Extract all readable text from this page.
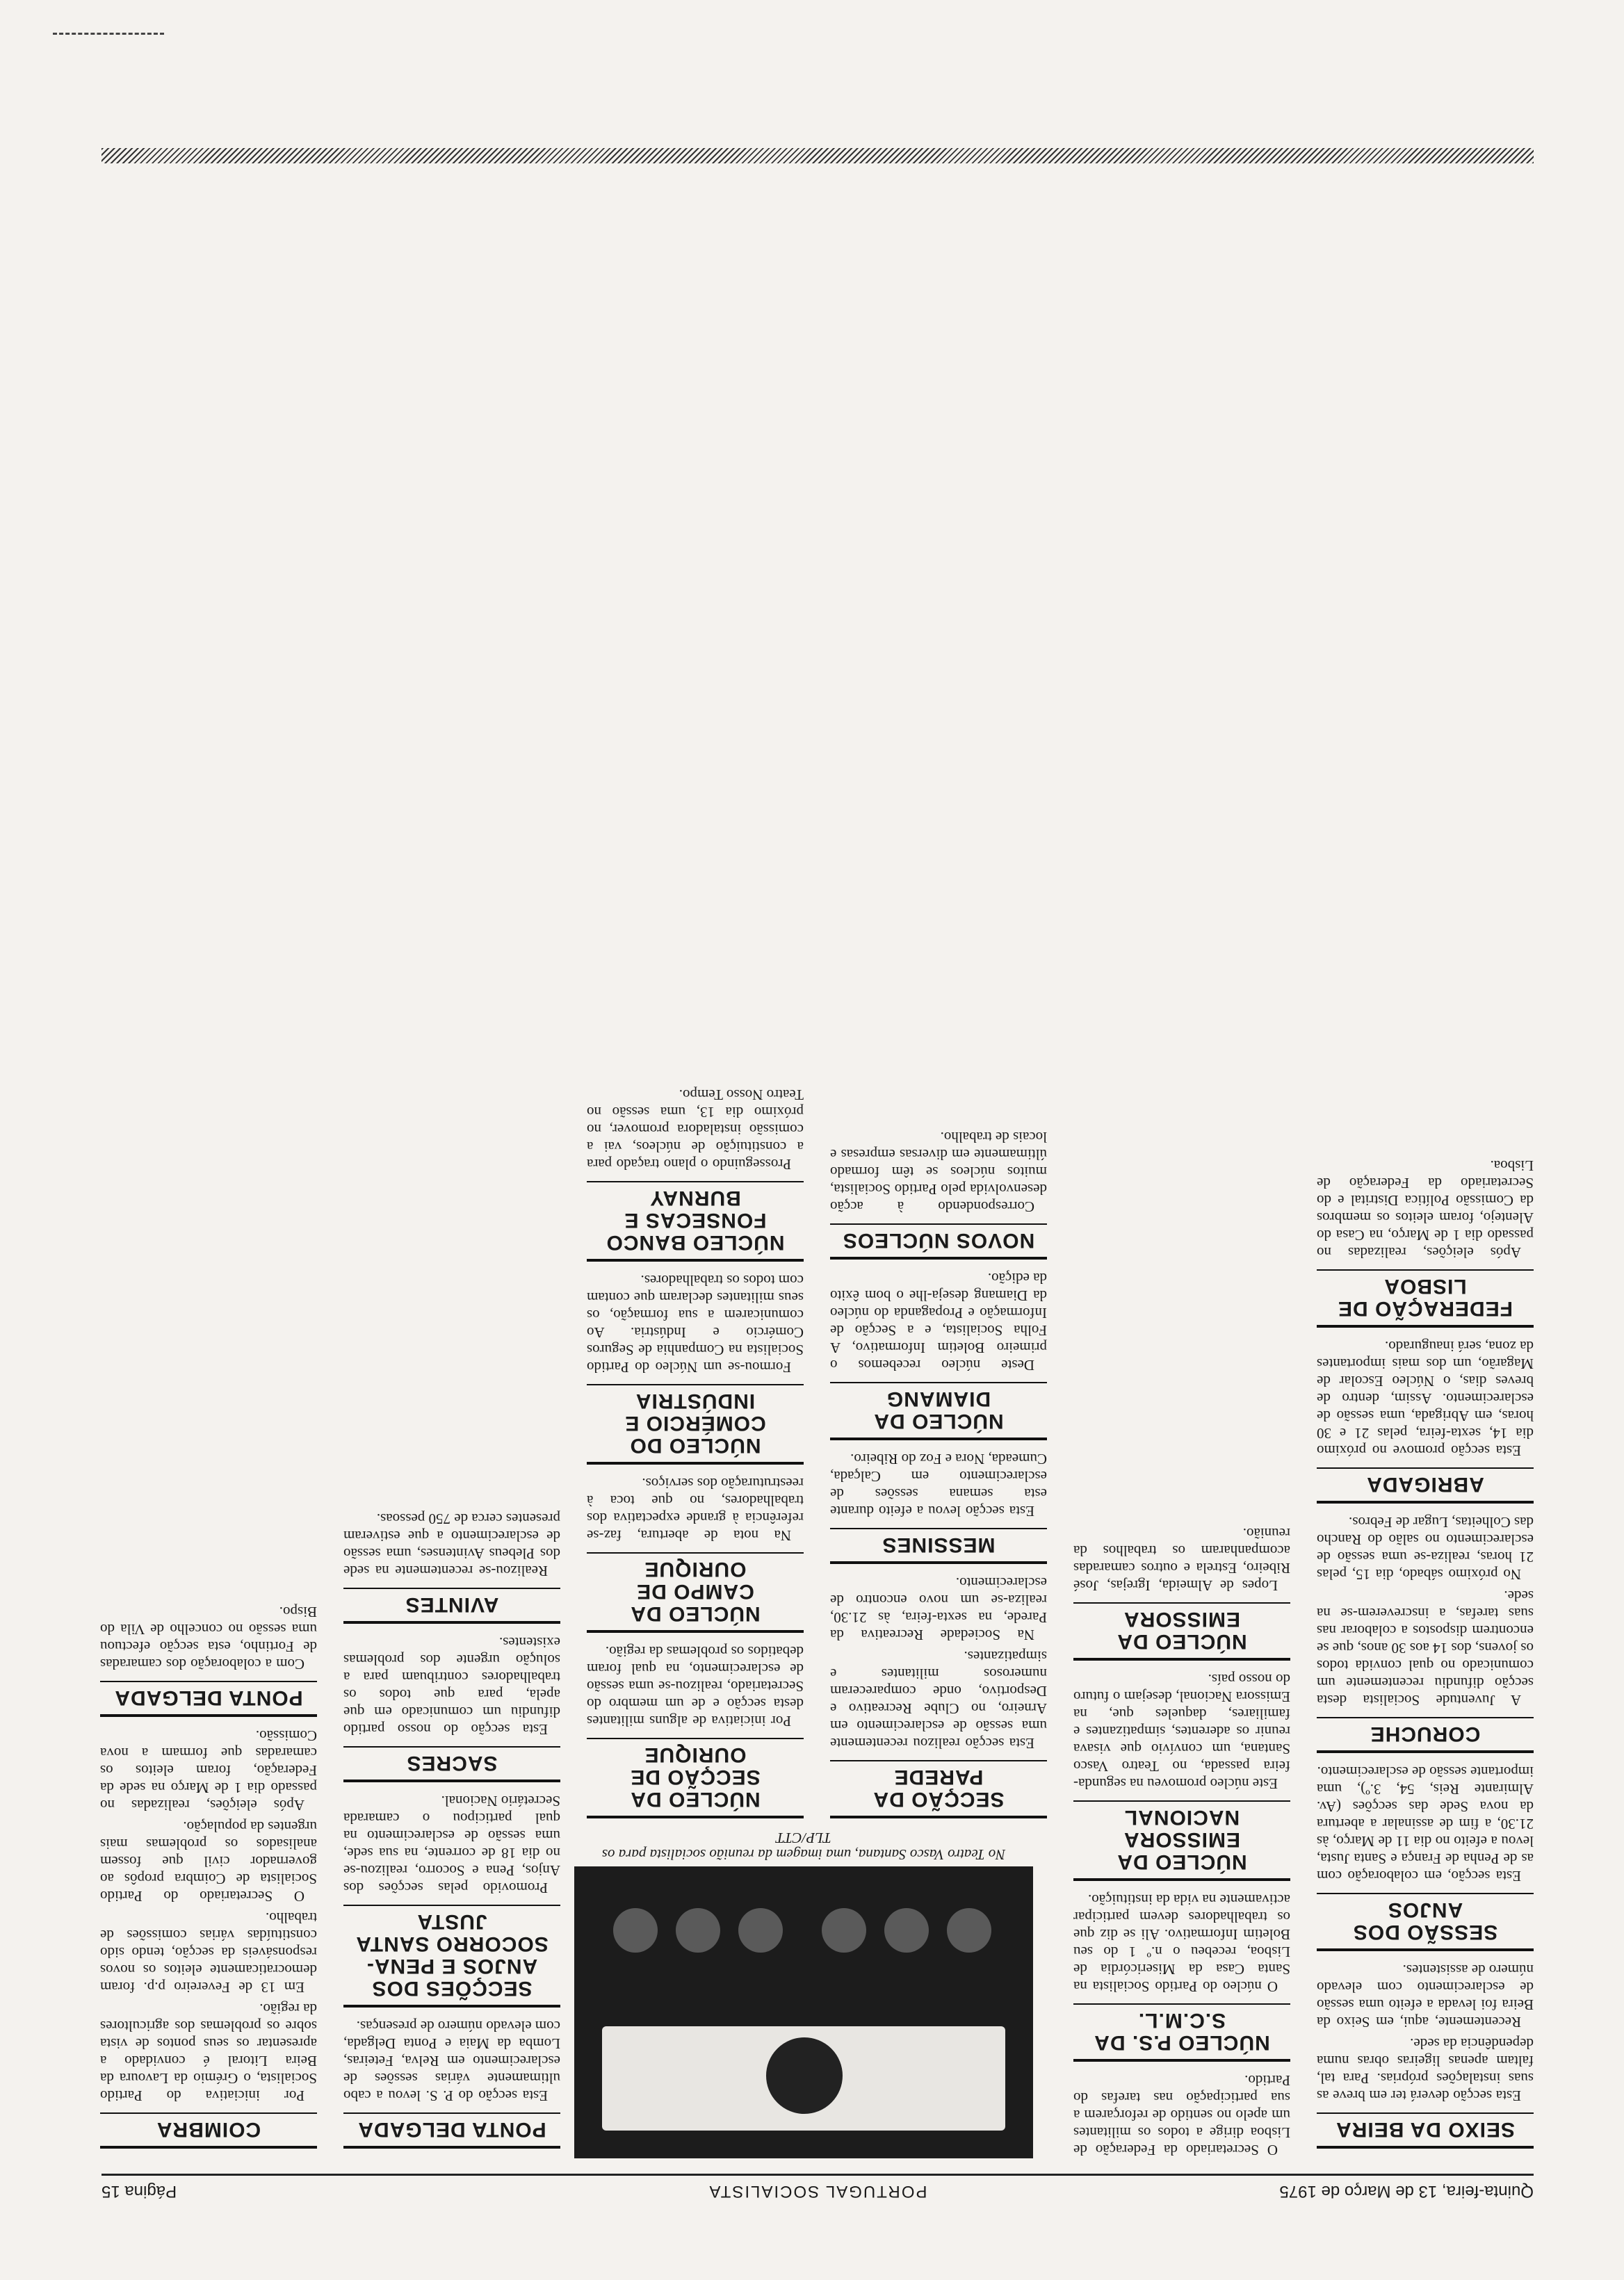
Quinta-feira, 13 de Março de 1975
PORTUGAL SOCIALISTA
Página 15
No Teatro Vasco Santana, uma imagem da reunião socialista para os TLP/CTT
SEIXO DA BEIRA

Esta secção deverá ter em breve as suas instalações próprias. Para tal, faltam apenas ligeiras obras numa dependência da sede.

Recentemente, aqui, em Seixo da Beira foi levada a efeito uma sessão de esclarecimento com elevado número de assistentes.

SESSÃO DOS ANJOS

Esta secção, em colaboração com as de Penha de França e Santa Justa, levou a efeito no dia 11 de Março, às 21.30, a fim de assinalar a abertura da nova Sede das secções (Av. Almirante Reis, 54, 3.º), uma importante sessão de esclarecimento.

CORUCHE

A Juventude Socialista desta secção difundiu recentemente um comunicado no qual convida todos os jovens, dos 14 aos 30 anos, que se encontrem dispostos a colaborar nas suas tarefas, a inscreverem-se na sede.

No próximo sábado, dia 15, pelas 21 horas, realiza-se uma sessão de esclarecimento no salão do Rancho das Colheitas, Lugar de Febros.

ABRIGADA

Esta secção promove no próximo dia 14, sexta-feira, pelas 21 e 30 horas, em Abrigada, uma sessão de esclarecimento. Assim, dentro de breves dias, o Núcleo Escolar de Magarão, um dos mais importantes da zona, será inaugurado.

FEDERAÇÃO DE LISBOA

Após eleições, realizadas no passado dia 1 de Março, na Casa do Alentejo, foram eleitos os membros da Comissão Política Distrital e do Secretariado da Federação de Lisboa.

O Secretariado da Federação de Lisboa dirige a todos os militantes um apelo no sentido de reforçarem a sua participação nas tarefas do Partido.

NÚCLEO P.S. DA S.C.M.L.

O núcleo do Partido Socialista na Santa Casa da Misericórdia de Lisboa, recebeu o n.º 1 do seu Boletim Informativo. Ali se diz que os trabalhadores devem participar activamente na vida da instituição.

NÚCLEO DA EMISSORA NACIONAL

Este núcleo promoveu na segunda-feira passada, no Teatro Vasco Santana, um convívio que visava reunir os aderentes, simpatizantes e familiares, daqueles que, na Emissora Nacional, desejam o futuro do nosso país.

NÚCLEO DA EMISSORA

Lopes de Almeida, Igrejas, José Ribeiro, Estrela e outros camaradas acompanharam os trabalhos da reunião.

SECÇÃO DA PAREDE

Esta secção realizou recentemente uma sessão de esclarecimento em Arneiro, no Clube Recreativo e Desportivo, onde compareceram numerosos militantes e simpatizantes.

Na Sociedade Recreativa da Parede, na sexta-feira, às 21.30, realiza-se um novo encontro de esclarecimento.

MESSINES

Esta secção levou a efeito durante esta semana sessões de esclarecimento em Calçada, Cumeada, Nora e Foz do Ribeiro.

NÚCLEO DA DIAMANG

Deste núcleo recebemos o primeiro Boletim Informativo, A Folha Socialista, e a Secção de Informação e Propaganda do núcleo da Diamang deseja-lhe o bom êxito da edição.

NOVOS NÚCLEOS

Correspondendo à acção desenvolvida pelo Partido Socialista, muitos núcleos se têm formado últimamente em diversas empresas e locais de trabalho.

NÚCLEO DA SECÇÃO DE OURIQUE

Por iniciativa de alguns militantes desta secção e de um membro do Secretariado, realizou-se uma sessão de esclarecimento, na qual foram debatidos os problemas da região.

NÚCLEO DA CAMPO DE OURIQUE

Na nota de abertura, faz-se referência à grande expectativa dos trabalhadores, no que toca à reestruturação dos serviços.

NÚCLEO DO COMÉRCIO E INDÚSTRIA

Formou-se um Núcleo do Partido Socialista na Companhia de Seguros Comércio e Indústria. Ao comunicarem a sua formação, os seus militantes declaram que contam com todos os trabalhadores.

NÚCLEO BANCO FONSECAS E BURNAY

Prosseguindo o plano traçado para a constituição de núcleos, vai a comissão instaladora promover, no próximo dia 13, uma sessão no Teatro Nosso Tempo.

PONTA DELGADA

Esta secção do P. S. levou a cabo ultimamente várias sessões de esclarecimento em Relva, Feteiras, Lomba da Maia e Ponta Delgada, com elevado número de presenças.

SECÇÕES DOS ANJOS E PENA-SOCORRO SANTA JUSTA

Promovido pelas secções dos Anjos, Pena e Socorro, realizou-se no dia 18 de corrente, na sua sede, uma sessão de esclarecimento na qual participou o camarada Secretário Nacional.

SACRES

Esta secção do nosso partido difundiu um comunicado em que apela, para que todos os trabalhadores contribuam para a solução urgente dos problemas existentes.

AVINTES

Realizou-se recentemente na sede dos Plebeus Avintenses, uma sessão de esclarecimento a que estiveram presentes cerca de 750 pessoas.

COIMBRA

Por iniciativa do Partido Socialista, o Grémio da Lavoura da Beira Litoral é convidado a apresentar os seus pontos de vista sobre os problemas dos agricultores da região.

Em 13 de Fevereiro p.p. foram democraticamente eleitos os novos responsáveis da secção, tendo sido constituídas várias comissões de trabalho.

O Secretariado do Partido Socialista de Coimbra propôs ao governador civil que fossem analisados os problemas mais urgentes da população.

Após eleições, realizadas no passado dia 1 de Março na sede da Federação, foram eleitos os camaradas que formam a nova Comissão.

PONTA DELGADA

Com a colaboração dos camaradas de Fortinho, esta secção efectuou uma sessão no concelho de Vila do Bispo.
